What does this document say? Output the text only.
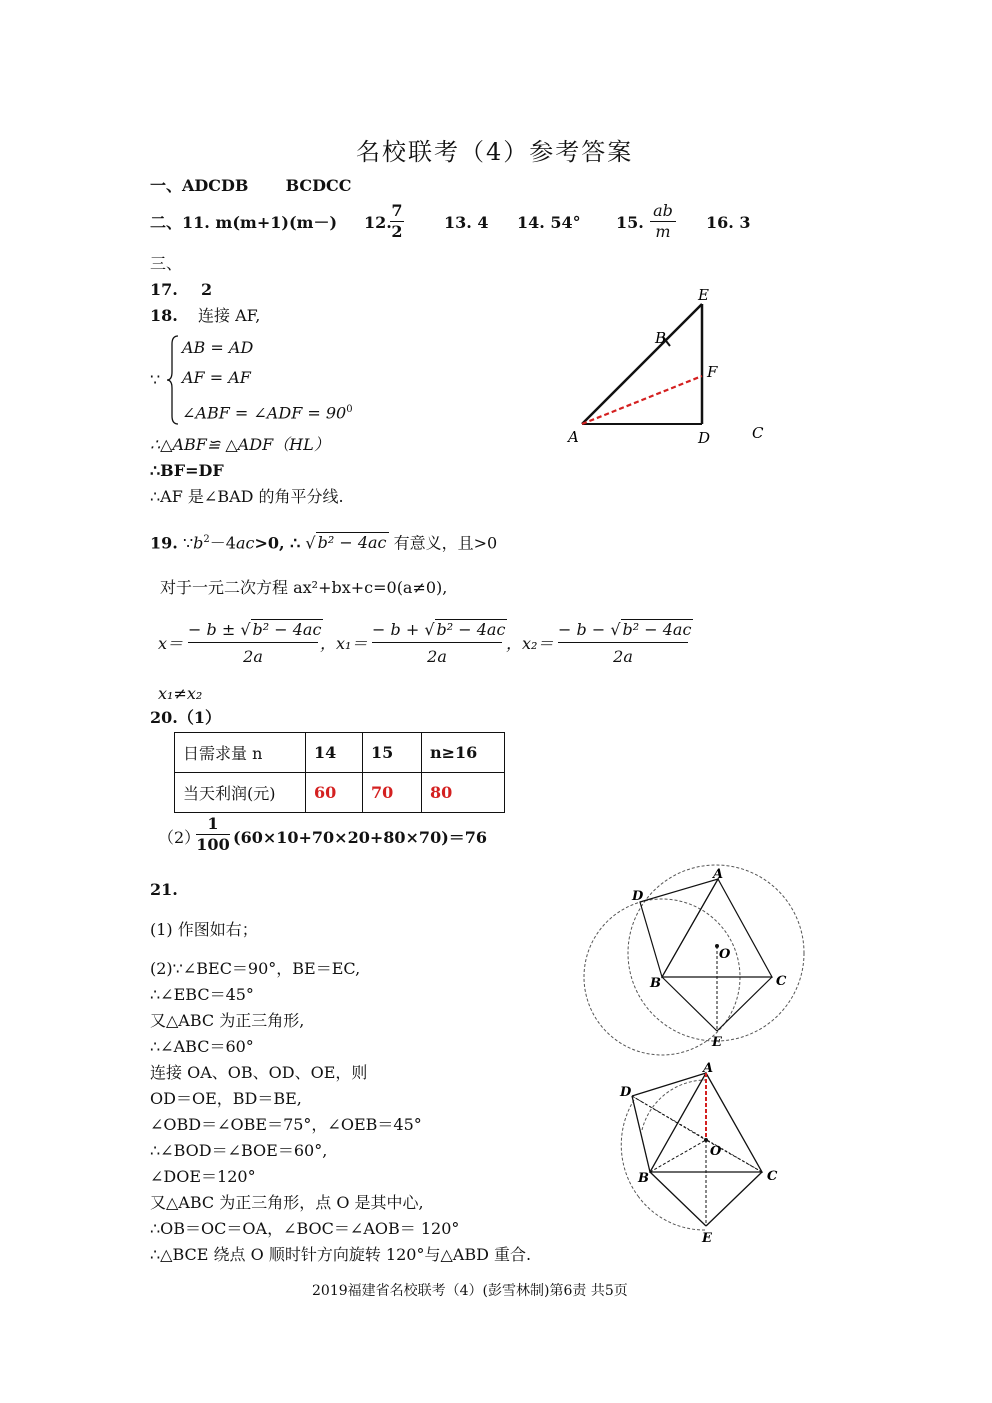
名校联考（4）参考答案
一、ADCDB BCDCC
二、11. m(m+1)(m－) 12.
$\frac{7}{2}$	13. 4 14. 54° 15. $\frac{ab}{m} 16$. 3
三、
17. 2
18. 连接 AF,
∵
AB = AD
AF = AF
∠ABF = ∠ADF = $90^0$
∴△ABF≌ △ADF（HL）
∴BF=DF
∴AF 是∠BAD 的角平分线.
E
B
F
A	D	C
19. $\because b^2-4ac>0$, ∴ √ b² − 4ac 有意义，且>0
对于一元二次方程 ax²+bx+c=0(a≠0),
x＝
− b ± √ b² − 4ac
2a
，x₁＝
− b + √ b² − 4ac
2a
，x₂＝
− b − √ b² − 4ac
2a
x₁≠x₂
20.（1）
日需求量 n	14	15	n≥16
当天利润(元)	60	70	80
（2）
$\frac{1}{100} (60\times 10+70\times 20+80\times 70)=76$
21.
(1) 作图如右；
(2)∵∠BEC＝90°，BE＝EC,
∴∠EBC＝45°
又△ABC 为正三角形,
∴∠ABC＝60°
连接 OA、OB、OD、OE，则
OD＝OE，BD＝BE,
∠OBD＝∠OBE＝75°，∠OEB＝45°
∴∠BOD＝∠BOE＝60°,
∠DOE＝120°
又△ABC 为正三角形，点 O 是其中心,
∴OB＝OC＝OA，∠BOC＝∠AOB＝ 120°
∴△BCE 绕点 O 顺时针方向旋转 120°与△ABD 重合.
A
D
O
B	C
E
A
D
O
B	C
E
2019福建省名校联考（4）(彭雪林制)第6责 共5页
